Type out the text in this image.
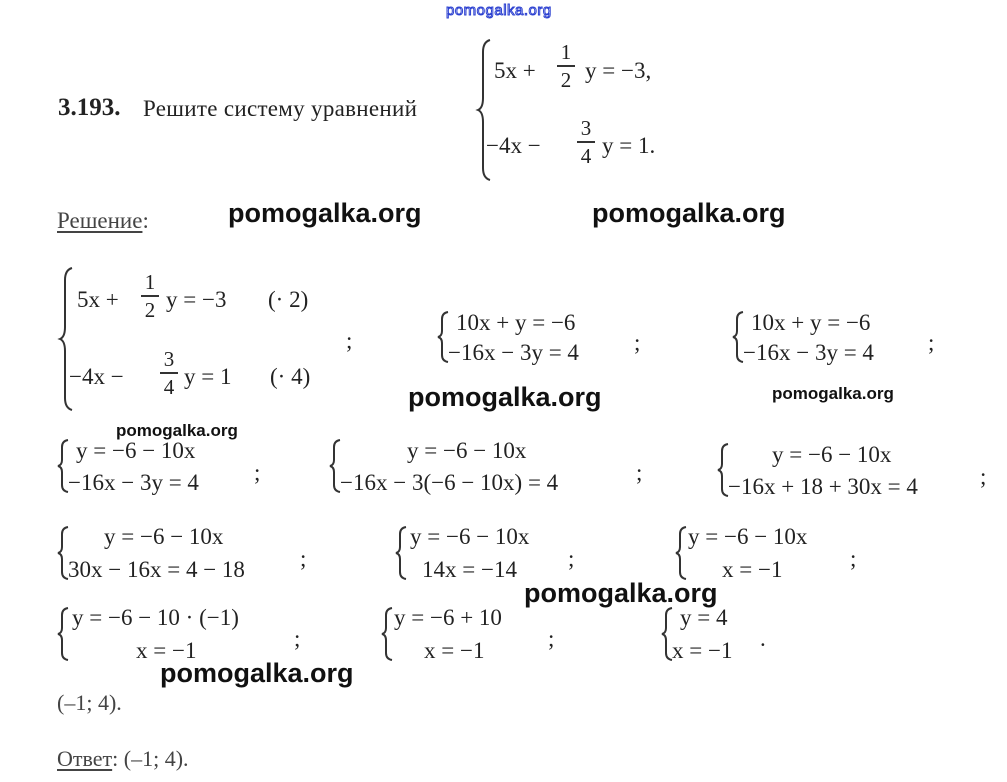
pomogalka.org
3.193. Решите систему уравнений
5x +
1
2 y = −3,
−4x −
3
4 y = 1.
Решение:	pomogalka.org	pomogalka.org
pomogalka.org	pomogalka.org
pomogalka.org
pomogalka.org
pomogalka.org
5x +
1
2 y = −3 (· 2)
−4x −
3
4 y = 1 (· 4)
;
10x + y = −6
−16x − 3y = 4 ;
10x + y = −6
−16x − 3y = 4 ;
y = −6 − 10x
−16x − 3y = 4 ;
y = −6 − 10x
−16x − 3(−6 − 10x) = 4	;
y = −6 − 10x
−16x + 18 + 30x = 4	;
y = −6 − 10x
30x − 16x = 4 − 18 ;
y = −6 − 10x
14x = −14 ;
y = −6 − 10x
x = −1	;
y = −6 − 10 · (−1)
x = −1	;
y = −6 + 10
x = −1	;
y = 4
x = −1 .
(–1; 4).
Ответ: (–1; 4).
